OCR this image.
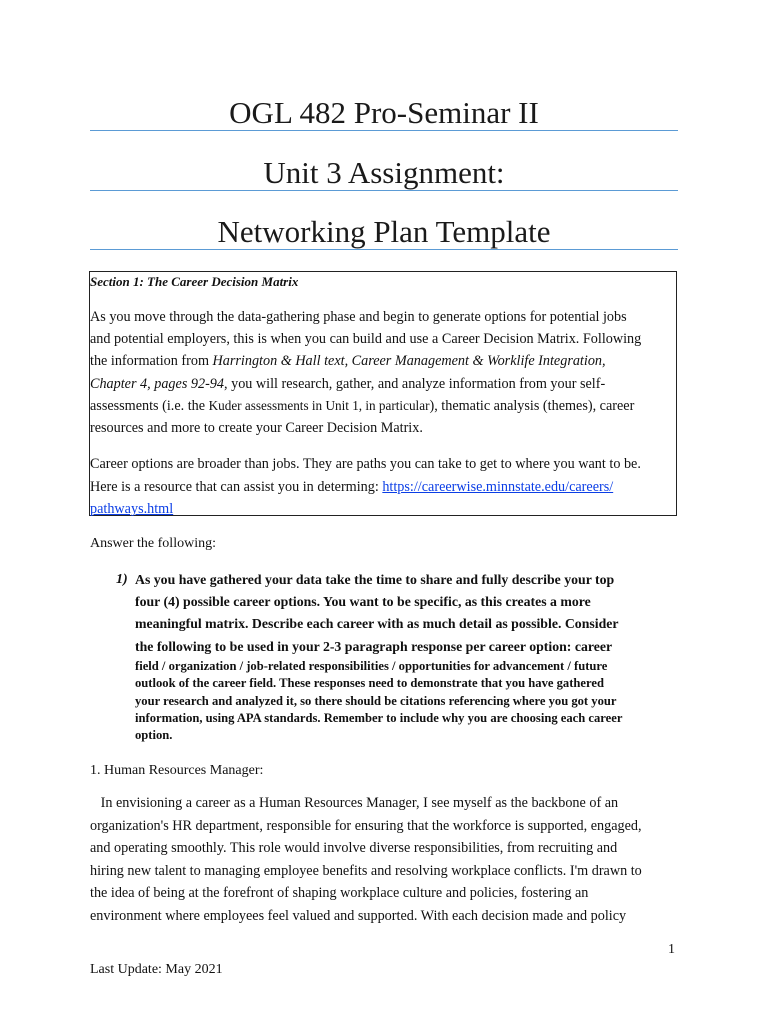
OGL 482 Pro-Seminar II
Unit 3 Assignment:
Networking Plan Template
Section 1: The Career Decision Matrix
As you move through the data-gathering phase and begin to generate options for potential jobs
and potential employers, this is when you can build and use a Career Decision Matrix. Following
the information from Harrington & Hall text, Career Management & Worklife Integration,
Chapter 4, pages 92-94, you will research, gather, and analyze information from your self-
assessments (i.e. the Kuder assessments in Unit 1, in particular), thematic analysis (themes), career
resources and more to create your Career Decision Matrix.
Career options are broader than jobs. They are paths you can take to get to where you want to be.
Here is a resource that can assist you in determing: https://careerwise.minnstate.edu/careers/
pathways.html
Answer the following:
1) As you have gathered your data take the time to share and fully describe your top
four (4) possible career options. You want to be specific, as this creates a more
meaningful matrix. Describe each career with as much detail as possible. Consider
the following to be used in your 2-3 paragraph response per career option: career
field / organization / job-related responsibilities / opportunities for advancement / future
outlook of the career field. These responses need to demonstrate that you have gathered
your research and analyzed it, so there should be citations referencing where you got your
information, using APA standards. Remember to include why you are choosing each career
option.
1. Human Resources Manager:
In envisioning a career as a Human Resources Manager, I see myself as the backbone of an
organization's HR department, responsible for ensuring that the workforce is supported, engaged,
and operating smoothly. This role would involve diverse responsibilities, from recruiting and
hiring new talent to managing employee benefits and resolving workplace conflicts. I'm drawn to
the idea of being at the forefront of shaping workplace culture and policies, fostering an
environment where employees feel valued and supported. With each decision made and policy
1
Last Update: May 2021
